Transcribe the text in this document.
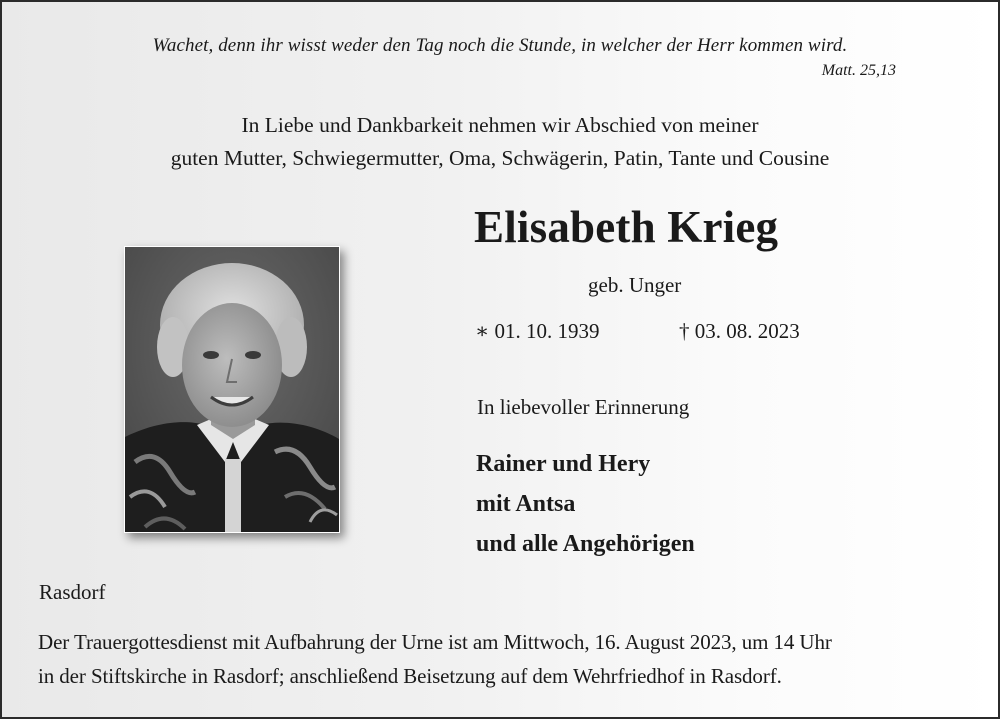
Wachet, denn ihr wisst weder den Tag noch die Stunde, in welcher der Herr kommen wird.
Matt. 25,13
In Liebe und Dankbarkeit nehmen wir Abschied von meiner
guten Mutter, Schwiegermutter, Oma, Schwägerin, Patin, Tante und Cousine
Elisabeth Krieg
geb. Unger
∗ 01. 10. 1939	† 03. 08. 2023
In liebevoller Erinnerung
Rainer und Hery
mit Antsa
und alle Angehörigen
Rasdorf
Der Trauergottesdienst mit Aufbahrung der Urne ist am Mittwoch, 16. August 2023, um 14 Uhr
in der Stiftskirche in Rasdorf; anschließend Beisetzung auf dem Wehrfriedhof in Rasdorf.
